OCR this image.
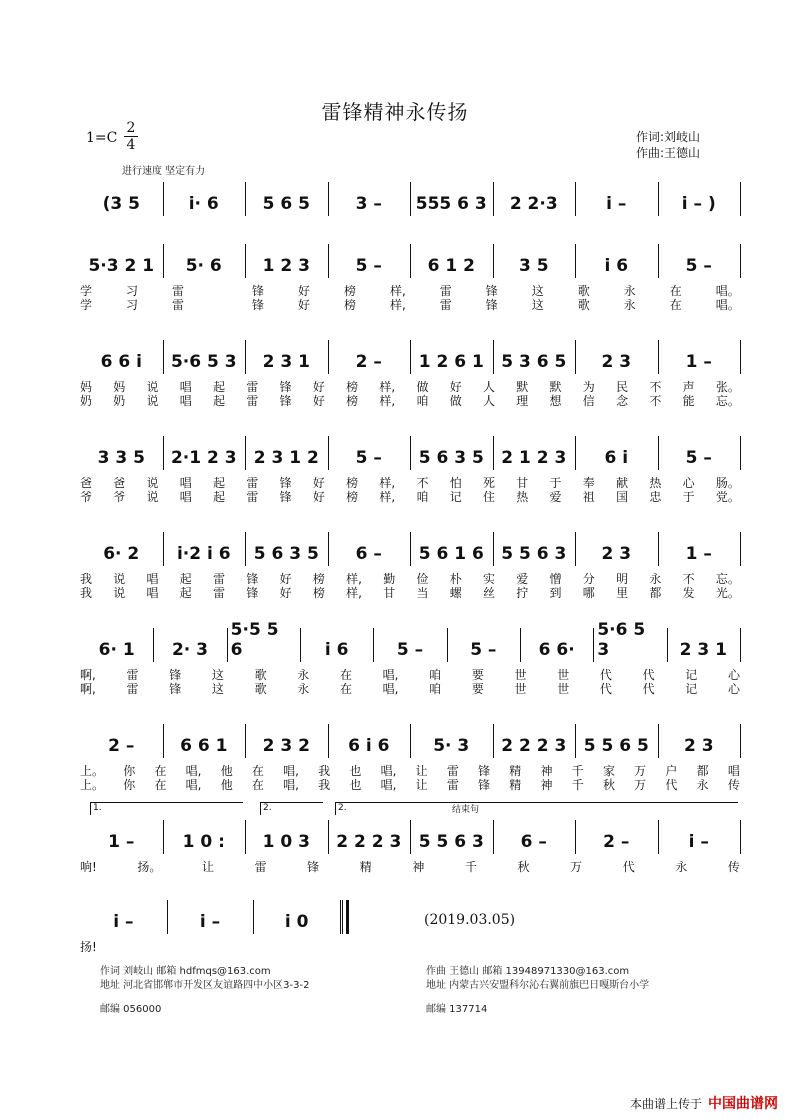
雷锋精神永传扬
1=C
2
4	作词:刘岐山
作曲:王德山
进行速度 坚定有力
(3 5	i· 6	5 6 5	3 –	555 6 3	2 2·3	i –	i – )
5·3 2 1	5· 6	1 2 3	5 –	6 1 2	3 5	i 6	5 –
学	习	雷	锋	好	榜	样,	雷	锋	这	歌	永	在	唱。
学	习	雷	锋	好	榜	样,	雷	锋	这	歌	永	在	唱。
6 6 i	5·6 5 3	2 3 1	2 –	1 2 6 1 5 3 6 5	2 3	1 –
妈 妈 说 唱 起 雷 锋 好 榜 样, 做 好 人 默 默 为 民 不 声 张。
奶 奶 说 唱 起 雷 锋 好 榜 样, 咱 做 人 理 想 信 念 不 能 忘。
3 3 5	2·1 2 3 2 3 1 2	5 –	5 6 3 5 2 1 2 3	6 i	5 –
爸 爸 说 唱 起 雷 锋 好 榜 样, 不 怕 死 甘 于 奉 献 热 心 肠。
爷 爷 说 唱 起 雷 锋 好 榜 样, 咱 记 住 热 爱 祖 国 忠 于 党。
6· 2	i·2 i 6	5 6 3 5	6 –	5 6 1 6 5 5 6 3	2 3	1 –
我 说 唱 起 雷 锋 好 榜 样, 勤 俭 朴 实 爱 憎 分 明 永 不 忘。
我 说 唱 起 雷 锋 好 榜 样, 甘 当 螺 丝 拧 到 哪 里 都 发 光。
6· 1	2· 3
5·5 5 6	i 6	5 –	5 –	6 6·
5·6 5 3	2 3 1
啊,	雷	锋	这	歌	永	在	唱,	咱	要	世	世	代	代	记	心
啊,	雷	锋	这	歌	永	在	唱,	咱	要	世	世	代	代	记	心
2 –	6 6 1	2 3 2	6 i 6	5· 3	2 2 2 3 5 5 6 5	2 3
上。 你 在 唱, 他 在 唱, 我 也 唱, 让 雷 锋 精 神 千 家 万 户 都 唱
上。 你 在 唱, 他 在 唱, 我 也 唱, 让 雷 锋 精 神 千 秋 万 代 永 传
1 –	1 0 :	1 0 3	2 2 2 3 5 5 6 3	6 –	2 –	i –
1.	2.	2.	结束句
响!	扬。	让	雷	锋	精	神	千	秋	万	代	永	传
i –	i –	i 0
扬!
(2019.03.05)
作词 刘岐山 邮箱 hdfmqs@163.com
地址 河北省邯郸市开发区友谊路四中小区3-3-2
邮编 056000
作曲 王德山 邮箱 13948971330@163.com
地址 内蒙古兴安盟科尔沁右翼前旗巴日嘎斯台小学
邮编 137714
本曲谱上传于 中国曲谱网
